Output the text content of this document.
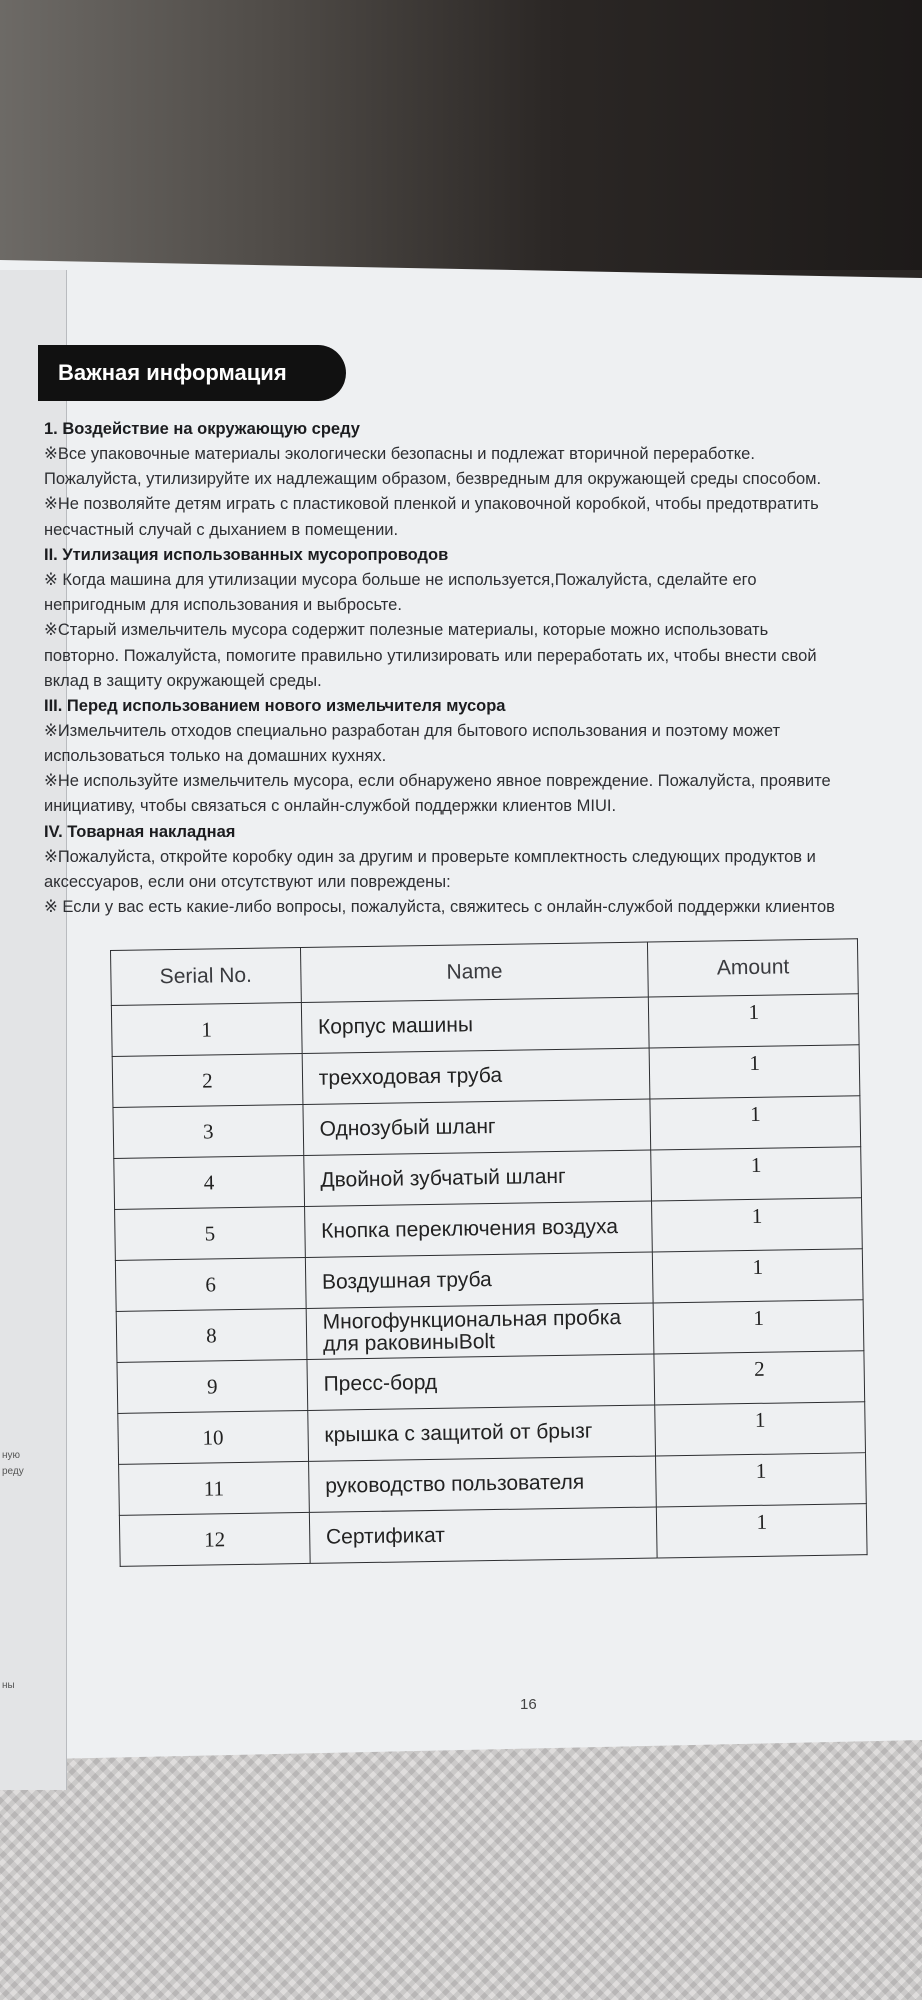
ную
реду
ны
Важная информация
1. Воздействие на окружающую среду
※Все упаковочные материалы экологически безопасны и подлежат вторичной переработке.
Пожалуйста, утилизируйте их надлежащим образом, безвредным для окружающей среды способом.
※Не позволяйте детям играть с пластиковой пленкой и упаковочной коробкой, чтобы предотвратить
несчастный случай с дыханием в помещении.
II. Утилизация использованных мусоропроводов
※ Когда машина для утилизации мусора больше не используется,Пожалуйста, сделайте его
непригодным для использования и выбросьте.
※Старый измельчитель мусора содержит полезные материалы, которые можно использовать
повторно. Пожалуйста, помогите правильно утилизировать или переработать их, чтобы внести свой
вклад в защиту окружающей среды.
III. Перед использованием нового измельчителя мусора
※Измельчитель отходов специально разработан для бытового использования и поэтому может
использоваться только на домашних кухнях.
※Не используйте измельчитель мусора, если обнаружено явное повреждение. Пожалуйста, проявите
инициативу, чтобы связаться с онлайн-службой поддержки клиентов MIUI.
IV. Товарная накладная
※Пожалуйста, откройте коробку один за другим и проверьте комплектность следующих продуктов и
аксессуаров, если они отсутствуют или повреждены:
※ Если у вас есть какие-либо вопросы, пожалуйста, свяжитесь с онлайн-службой поддержки клиентов
Serial No.	Name	Amount
1	Корпус машины	1
2	трехходовая труба	1
3	Однозубый шланг	1
4	Двойной зубчатый шланг	1
5	Кнопка переключения воздуха	1
6	Воздушная труба	1
8	Многофункциональная пробка для раковиныBolt	1
9	Пресс-борд	2
10	крышка с защитой от брызг	1
11	руководство пользователя	1
12	Сертификат	1
16
